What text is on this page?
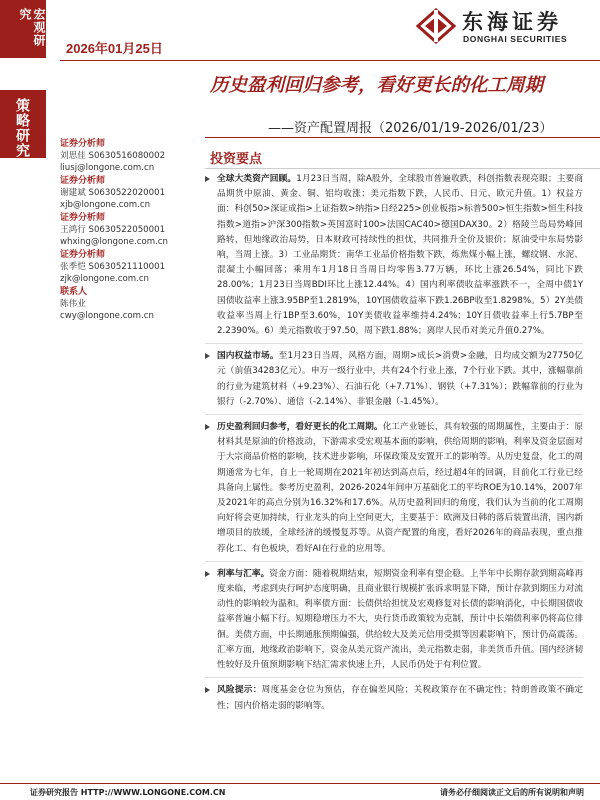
宏观研究
2026年01月25日
东海证券
DONGHAI SECURITIES
策略研究	证券分析师
刘思佳 S0630516080002
liusj@longone.com.cn
证券分析师
谢建斌 S0630522020001
xjb@longone.com.cn
证券分析师
王鸿行 S0630522050001
whxing@longone.com.cn
证券分析师
张季恺 S0630521110001
zjk@longone.com.cn
联系人
陈伟业
cwy@longone.com.cn
历史盈利回归参考，看好更长的化工周期
——资产配置周报（2026/01/19-2026/01/23）
投资要点
全球大类资产回顾。1月23日当周，除A股外，全球股市普遍收跌，科创指数表现亮眼；主要商品期货中原油、黄金、铜、铝均收涨；美元指数下跌，人民币、日元、欧元升值。1）权益方面：科创50>深证成指>上证指数>纳指>日经225>创业板指>标普500>恒生指数>恒生科技指数>道指>沪深300指数>英国富时100>法国CAC40>德国DAX30。2）格陵兰岛局势峰回路转，但地缘政治局势，日本财政可持续性的担忧，共同推升全价及银价；原油受中东局势影响，当周上涨。3）工业品期货：南华工业品价格指数下跌，炼焦煤小幅上涨，螺纹钢、水泥、混凝土小幅回落；乘用车1月18日当周日均零售3.77万辆，环比上涨26.54%，同比下跌28.00%；1月23日当周BDI环比上涨12.44%。4）国内利率债收益率涨跌不一，全周中债1Y国债收益率上涨3.95BP至1.2819%，10Y国债收益率下跌1.26BP收至1.8298%。5）2Y美债收益率当周上行1BP至3.60%，10Y美债收益率维持4.24%；10Y日债收益率上行5.7BP至2.2390%。6）美元指数收于97.50，周下跌1.88%；离岸人民币对美元升值0.27%。
国内权益市场。至1月23日当周，风格方面，周期>成长>消费>金融，日均成交额为27750亿元（前值34283亿元）。申万一级行业中，共有24个行业上涨，7个行业下跌。其中，涨幅靠前的行业为建筑材料（+9.23%）、石油石化（+7.71%）、钢铁（+7.31%）；跌幅靠前的行业为银行（-2.70%）、通信（-2.14%）、非银金融（-1.45%）。
历史盈利回归参考，看好更长的化工周期。化工产业链长，具有较强的周期属性，主要由于：原材料其是原油的价格波动，下游需求受宏观基本面的影响，供给周期的影响，利率及资金层面对于大宗商品价格的影响，技术进步影响，环保政策及安置开工的影响等。从历史复盘，化工的周期通常为七年，自上一轮周期在2021年初达到高点后，经过超4年的回调，目前化工行业已经具备向上属性。参考历史盈利，2026-2024年间申万基础化工的平均ROE为10.14%，2007年及2021年的高点分别为16.32%和17.6%。从历史盈利回归的角度，我们认为当前的化工周期向好将会更加持续，行业龙头的向上空间更大，主要基于：欧洲及日韩的落后装置出清，国内新增项目的放缓，全球经济的缓慢复苏等。从资产配置的角度，看好2026年的商品表现，重点推荐化工、有色板块，看好AI在行业的应用等。
利率与汇率。资金方面：随着税期结束，短期资金利率有望企稳。上半年中长期存款到期高峰再度来临，考虑到央行呵护态度明确，且商业银行规模扩张诉求明显下降，预计存款到期压力对流动性的影响较为温和。利率债方面：长债供给担忧及宏观修复对长债的影响消化，中长期国债收益率普遍小幅下行。短期稳增压力不大，央行货币政策较为克制，预计中长端债利率仍将高位徘徊。美债方面，中长期通胀预期偏强，供给较大及美元信用受损等因素影响下，预计仍高震荡。汇率方面，地缘政治影响下，资金从美元资产流出，美元指数走弱，非美货币升值。国内经济韧性较好及升值预期影响下结汇需求快速上升，人民币仍处于有利位置。
风险提示：周度基金仓位为预估，存在偏差风险；关税政策存在不确定性；特朗普政策不确定性；国内价格走弱的影响等。
证券研究报告 HTTP://WWW.LONGONE.COM.CN	请务必仔细阅读正文后的所有说明和声明
